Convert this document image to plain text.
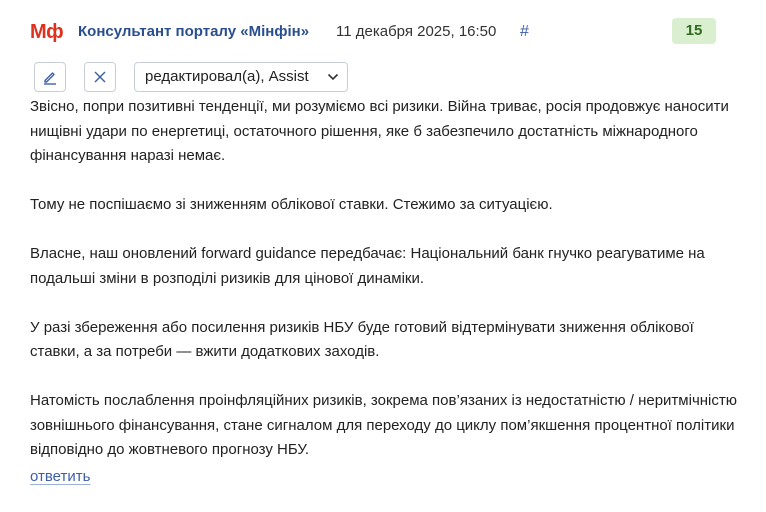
Мф Консультант порталу «Мінфін» 11 декабря 2025, 16:50 #	15
редактировал(а), Assist

Звісно, попри позитивні тенденції, ми розуміємо всі ризики. Війна триває, росія продовжує наносити нищівні удари по енергетиці, остаточного рішення, яке б забезпечило достатність міжнародного фінансування наразі немає.

Тому не поспішаємо зі зниженням облікової ставки. Стежимо за ситуацією.

Власне, наш оновлений forward guidance передбачає: Національний банк гнучко реагуватиме на подальші зміни в розподілі ризиків для цінової динаміки.

У разі збереження або посилення ризиків НБУ буде готовий відтермінувати зниження облікової ставки, а за потреби — вжити додаткових заходів.

Натомість послаблення проінфляційних ризиків, зокрема пов’язаних із недостатністю / неритмічністю зовнішнього фінансування, стане сигналом для переходу до циклу пом’якшення процентної політики відповідно до жовтневого прогнозу НБУ.

ответить
